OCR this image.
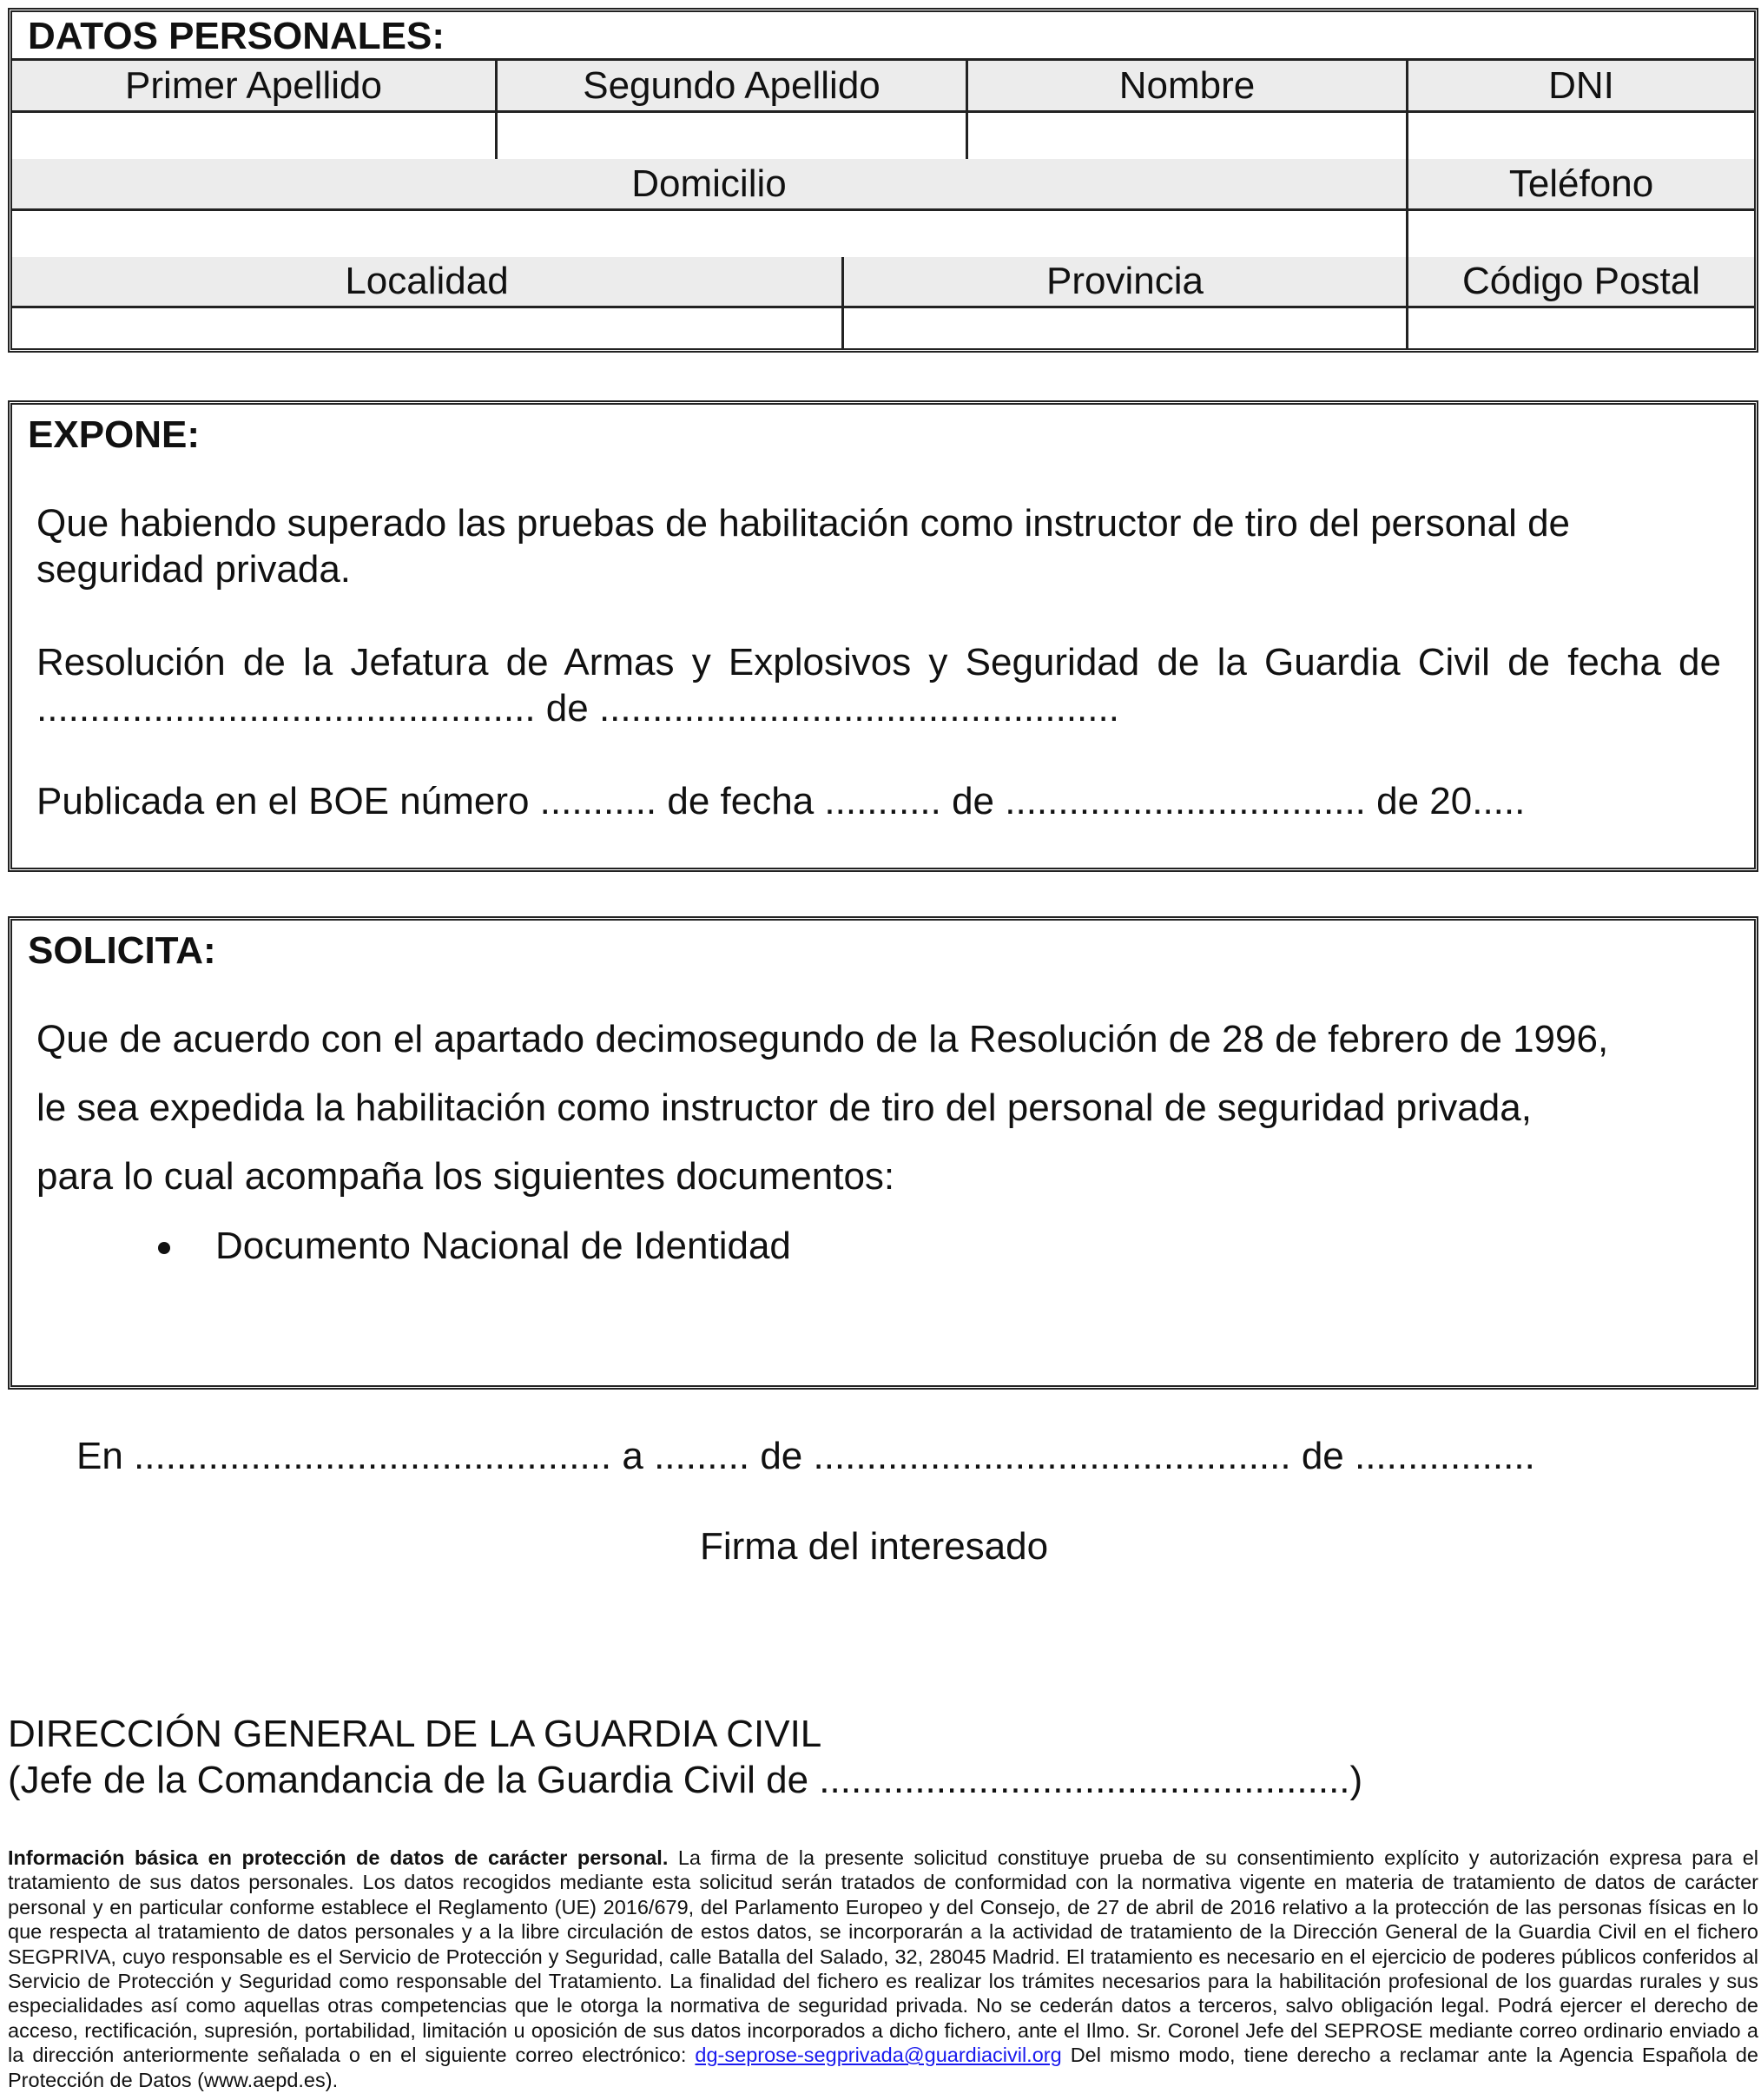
DATOS PERSONALES:
Primer Apellido	Segundo Apellido	Nombre	DNI
Domicilio	Teléfono
Localidad	Provincia	Código Postal
EXPONE:
Que habiendo superado las pruebas de habilitación como instructor de tiro del personal de seguridad privada.
Resolución de la Jefatura de Armas y Explosivos y Seguridad de la Guardia Civil de fecha de ............................................... de .................................................
Publicada en el BOE número ........... de fecha ........... de .................................. de 20.....
SOLICITA:
Que de acuerdo con el apartado decimosegundo de la Resolución de 28 de febrero de 1996,
le sea expedida la habilitación como instructor de tiro del personal de seguridad privada,
para lo cual acompaña los siguientes documentos:
Documento Nacional de Identidad
En ............................................. a ......... de ............................................. de .................
Firma del interesado
DIRECCIÓN GENERAL DE LA GUARDIA CIVIL
(Jefe de la Comandancia de la Guardia Civil de ..................................................)
Información básica en protección de datos de carácter personal. La firma de la presente solicitud constituye prueba de su consentimiento explícito y autorización expresa para el tratamiento de sus datos personales. Los datos recogidos mediante esta solicitud serán tratados de conformidad con la normativa vigente en materia de tratamiento de datos de carácter personal y en particular conforme establece el Reglamento (UE) 2016/679, del Parlamento Europeo y del Consejo, de 27 de abril de 2016 relativo a la protección de las personas físicas en lo que respecta al tratamiento de datos personales y a la libre circulación de estos datos, se incorporarán a la actividad de tratamiento de la Dirección General de la Guardia Civil en el fichero SEGPRIVA, cuyo responsable es el Servicio de Protección y Seguridad, calle Batalla del Salado, 32, 28045 Madrid. El tratamiento es necesario en el ejercicio de poderes públicos conferidos al Servicio de Protección y Seguridad como responsable del Tratamiento. La finalidad del fichero es realizar los trámites necesarios para la habilitación profesional de los guardas rurales y sus especialidades así como aquellas otras competencias que le otorga la normativa de seguridad privada. No se cederán datos a terceros, salvo obligación legal. Podrá ejercer el derecho de acceso, rectificación, supresión, portabilidad, limitación u oposición de sus datos incorporados a dicho fichero, ante el Ilmo. Sr. Coronel Jefe del SEPROSE mediante correo ordinario enviado a la dirección anteriormente señalada o en el siguiente correo electrónico: dg-seprose-segprivada@guardiacivil.org Del mismo modo, tiene derecho a reclamar ante la Agencia Española de Protección de Datos (www.aepd.es).
